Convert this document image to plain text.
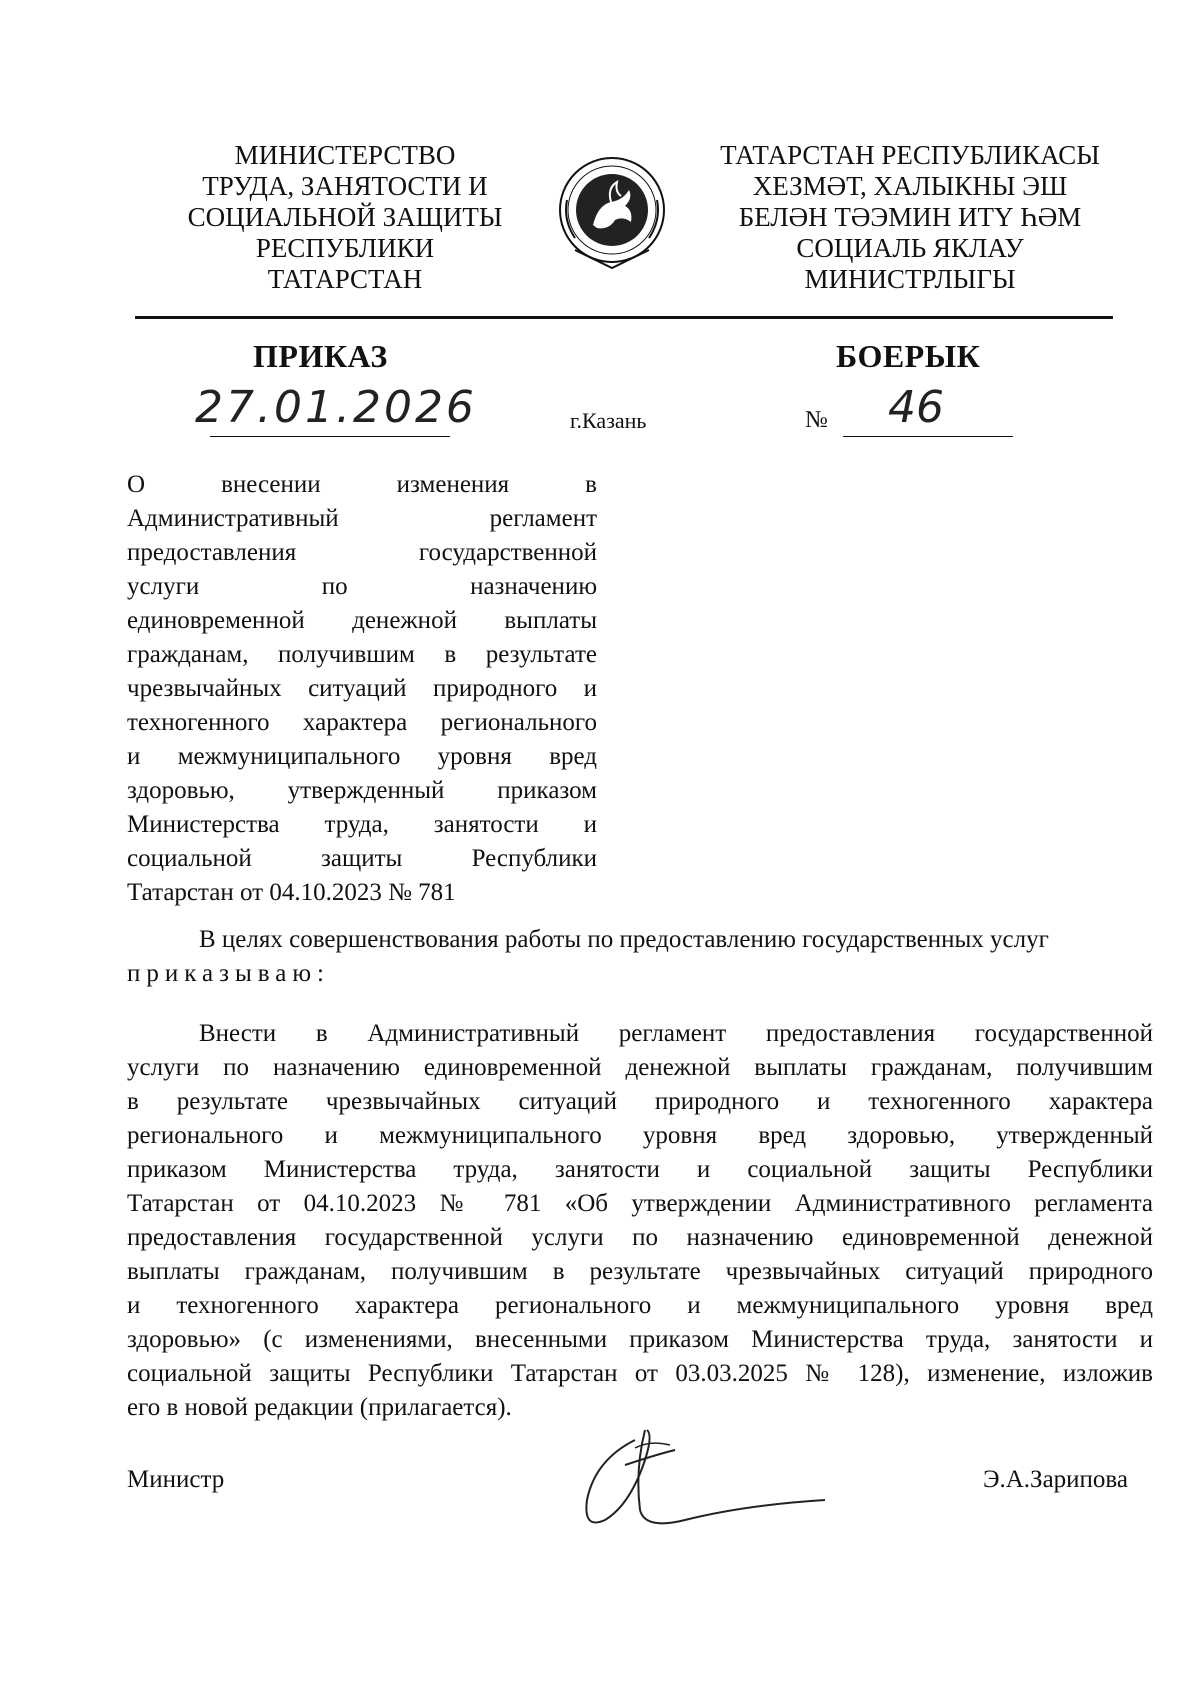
МИНИСТЕРСТВО
ТРУДА, ЗАНЯТОСТИ И
СОЦИАЛЬНОЙ ЗАЩИТЫ
РЕСПУБЛИКИ
ТАТАРСТАН
ТАТАРСТАН РЕСПУБЛИКАСЫ
ХЕЗМӘТ, ХАЛЫКНЫ ЭШ
БЕЛӘН ТӘЭМИН ИТҮ ҺӘМ
СОЦИАЛЬ ЯКЛАУ
МИНИСТРЛЫГЫ
ПРИКАЗ	БОЕРЫК
27.01.2026	г.Казань	№ 46
О внесении изменения в
Административный регламент
предоставления государственной
услуги по назначению
единовременной денежной выплаты
гражданам, получившим в результате
чрезвычайных ситуаций природного и
техногенного характера регионального
и межмуниципального уровня вред
здоровью, утвержденный приказом
Министерства труда, занятости и
социальной защиты Республики
Татарстан от 04.10.2023 № 781
В целях совершенствования работы по предоставлению государственных услуг
приказываю:
Внести в Административный регламент предоставления государственной
услуги по назначению единовременной денежной выплаты гражданам, получившим
в результате чрезвычайных ситуаций природного и техногенного характера
регионального и межмуниципального уровня вред здоровью, утвержденный
приказом Министерства труда, занятости и социальной защиты Республики
Татарстан от 04.10.2023 № 781 «Об утверждении Административного регламента
предоставления государственной услуги по назначению единовременной денежной
выплаты гражданам, получившим в результате чрезвычайных ситуаций природного
и техногенного характера регионального и межмуниципального уровня вред
здоровью» (с изменениями, внесенными приказом Министерства труда, занятости и
социальной защиты Республики Татарстан от 03.03.2025 № 128), изменение, изложив
его в новой редакции (прилагается).
Министр	Э.А.Зарипова
